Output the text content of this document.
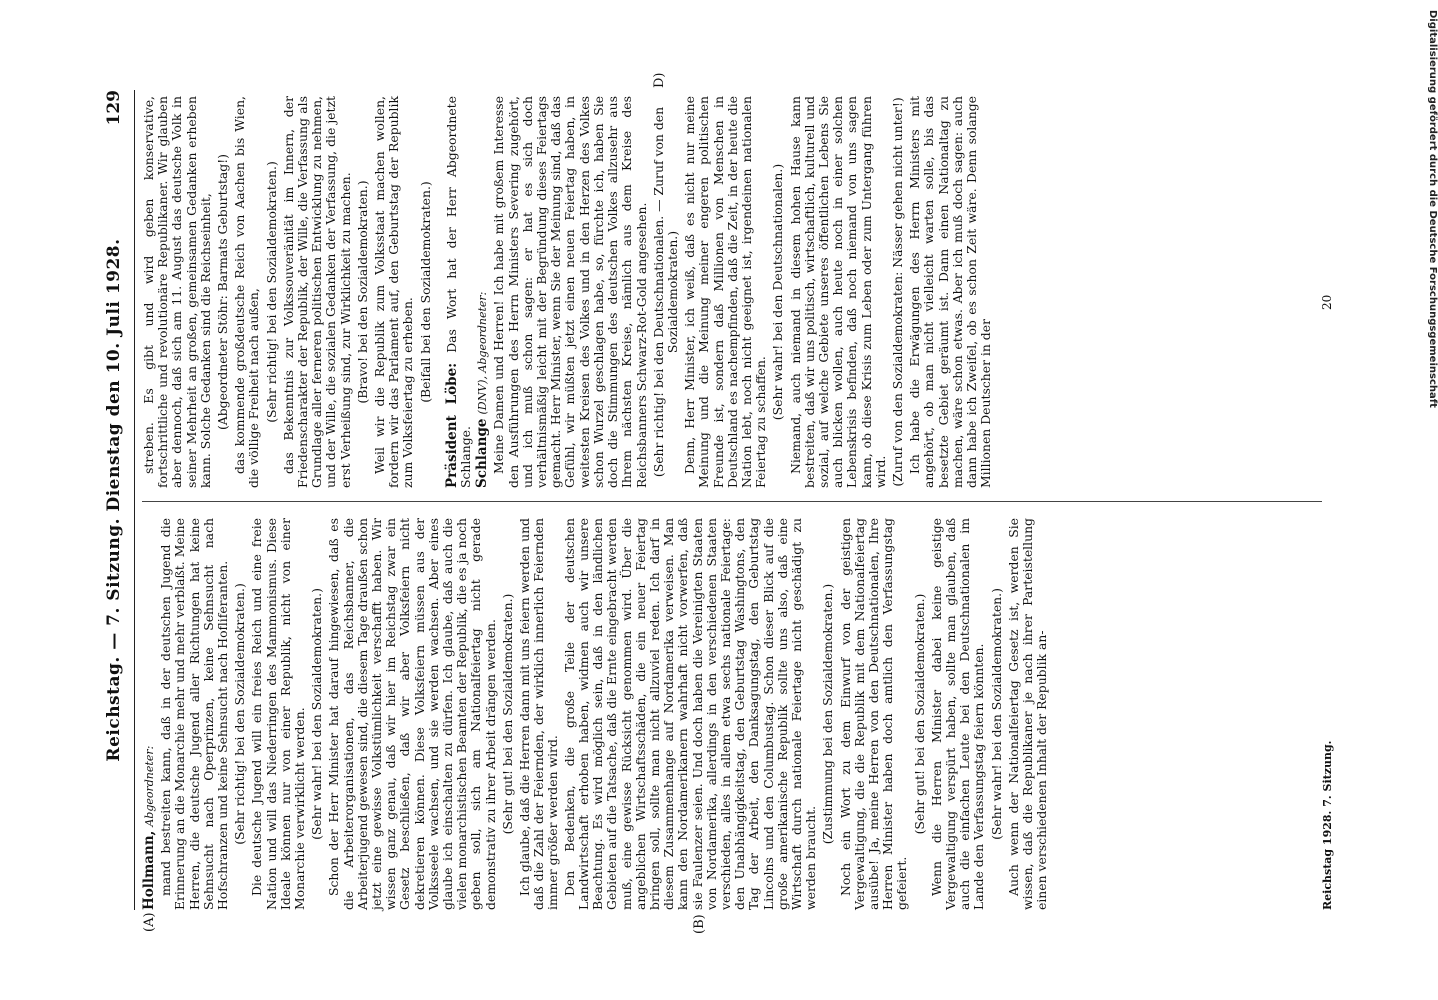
Reichstag. — 7. Sitzung. Dienstag den 10. Juli 1928.
129
(A)	(B)
D)

Hollmann, Abgeordneter: mand bestreiten kann, daß in der deutschen Jugend die Erinnerung an die Monarchie mehr und mehr verblaßt. Meine Herren, die deutsche Jugend aller Richtungen hat keine Sehnsucht nach Operprinzen, keine Sehnsucht nach Hofschranzen und keine Sehnsucht nach Hofliferanten. (Sehr richtig! bei den Sozialdemokraten.) Die deutsche Jugend will ein freies Reich und eine freie Nation und will das Niederringen des Mammonismus. Diese Ideale können nur von einer Republik, nicht von einer Monarchie verwirklicht werden. (Sehr wahr! bei den Sozialdemokraten.) Schon der Herr Minister hat darauf hingewiesen, daß es die Arbeiterorganisationen, das Reichsbanner, die Arbeiterjugend gewesen sind, die diesem Tage draußen schon jetzt eine gewisse Volkstümlichkeit verschafft haben. Wir wissen ganz genau, daß wir hier im Reichstag zwar ein Gesetz beschließen, daß wir aber Volksfeiern nicht dekretieren können. Diese Volksfeiern müssen aus der Volksseele wachsen, und sie werden wachsen. Aber eines glaube ich einschalten zu dürfen. Ich glaube, daß auch die vielen monarchistischen Beamten der Republik, die es ja noch geben soll, sich am Nationalfeiertag nicht gerade demonstrativ zu ihrer Arbeit drängen werden. (Sehr gut! bei den Sozialdemokraten.) Ich glaube, daß die Herren dann mit uns feiern werden und daß die Zahl der Feiernden, der wirklich innerlich Feiernden immer größer werden wird. Den Bedenken, die große Teile der deutschen Landwirtschaft erhoben haben, widmen auch wir unsere Beachtung. Es wird möglich sein, daß in den ländlichen Gebieten auf die Tatsache, daß die Ernte eingebracht werden muß, eine gewisse Rücksicht genommen wird. Über die angeblichen Wirtschaftsschäden, die ein neuer Feiertag bringen soll, sollte man nicht allzuviel reden. Ich darf in diesem Zusammenhange auf Nordamerika verweisen. Man kann den Nordamerikanern wahrhaft nicht vorwerfen, daß sie Faulenzer seien. Und doch haben die Vereinigten Staaten von Nordamerika, allerdings in den verschiedenen Staaten verschieden, alles in allem etwa sechs nationale Feiertage: den Unabhängigkeitstag, den Geburtstag Washingtons, den Tag der Arbeit, den Danksagungstag, den Geburtstag Lincolns und den Columbustag. Schon dieser Blick auf die große amerikanische Republik sollte uns also, daß eine Wirtschaft durch nationale Feiertage nicht geschädigt zu werden braucht.

(Zustimmung bei den Sozialdemokraten.) Noch ein Wort zu dem Einwurf von der geistigen Vergewaltigung, die die Republik mit dem Nationalfeiertag ausübe! Ja, meine Herren von den Deutschnationalen, Ihre Herren Minister haben doch amtlich den Verfassungstag gefeiert.

(Sehr gut! bei den Sozialdemokraten.) Wenn die Herren Minister dabei keine geistige Vergewaltigung verspürt haben, sollte man glauben, daß auch die einfachen Leute bei den Deutschnationalen im Lande den Verfassungstag feiern könnten. (Sehr wahr! bei den Sozialdemokraten.) Auch wenn der Nationalfeiertag Gesetz ist, werden Sie wissen, daß die Republikaner je nach ihrer Parteistellung einen verschiedenen Inhalt der Republik an-

streben. Es gibt und wird geben konservative, fortschrittliche und revolutionäre Republikaner. Wir glauben aber dennoch, daß sich am 11. August das deutsche Volk in seiner Mehrheit an großen, gemeinsamen Gedanken erheben kann. Solche Gedanken sind die Reichseinheit, (Abgeordneter Stöhr: Barmats Geburtstag!) das kommende großdeutsche Reich von Aachen bis Wien, die völlige Freiheit nach außen, (Sehr richtig! bei den Sozialdemokraten.) das Bekenntnis zur Volkssouveränität im Innern, der Friedenscharakter der Republik, der Wille, die Verfassung als Grundlage aller ferneren politischen Entwicklung zu nehmen, und der Wille, die sozialen Gedanken der Verfassung, die jetzt erst Verheißung sind, zur Wirklichkeit zu machen. (Bravo! bei den Sozialdemokraten.) Weil wir die Republik zum Volksstaat machen wollen, fordern wir das Parlament auf, den Geburtstag der Republik zum Volksfeiertag zu erheben. (Beifall bei den Sozialdemokraten.)

Präsident Löbe: Das Wort hat der Herr Abgeordnete Schlange. Schlange (DNV), Abgeordneter: Meine Damen und Herren! Ich habe mit großem Interesse den Ausführungen des Herrn Ministers Severing zugehört, und ich muß schon sagen: er hat es sich doch verhältnismäßig leicht mit der Begründung dieses Feiertags gemacht. Herr Minister, wenn Sie der Meinung sind, daß das Gefühl, wir müßten jetzt einen neuen Feiertag haben, in weitesten Kreisen des Volkes und in den Herzen des Volkes schon Wurzel geschlagen habe, so, fürchte ich, haben Sie doch die Stimmungen des deutschen Volkes allzusehr aus Ihrem nächsten Kreise, nämlich aus dem Kreise des Reichsbanners Schwarz-Rot-Gold angesehen. (Sehr richtig! bei den Deutschnationalen. — Zuruf von den Sozialdemokraten.) Denn, Herr Minister, ich weiß, daß es nicht nur meine Meinung und die Meinung meiner engeren politischen Freunde ist, sondern daß Millionen von Menschen in Deutschland es nachempfinden, daß die Zeit, in der heute die Nation lebt, noch nicht geeignet ist, irgendeinen nationalen Feiertag zu schaffen.

(Sehr wahr! bei den Deutschnationalen.) Niemand, auch niemand in diesem hohen Hause kann bestreiten, daß wir uns politisch, wirtschaftlich, kulturell und sozial, auf welche Gebiete unseres öffentlichen Lebens Sie auch blicken wollen, auch heute noch in einer solchen Lebenskrisis befinden, daß noch niemand von uns sagen kann, ob diese Krisis zum Leben oder zum Untergang führen wird. (Zuruf von den Sozialdemokraten: Nässer gehen nicht unter!) Ich habe die Erwägungen des Herrn Ministers mit angehört, ob man nicht vielleicht warten solle, bis das besetzte Gebiet geräumt ist. Dann einen Nationaltag zu machen, wäre schon etwas. Aber ich muß doch sagen: auch dann habe ich Zweifel, ob es schon Zeit wäre. Denn solange Millionen Deutscher in der

Reichstag 1928. 7. Sitzung.
20	Digitalisierung gefördert durch die Deutsche Forschungsgemeinschaft
